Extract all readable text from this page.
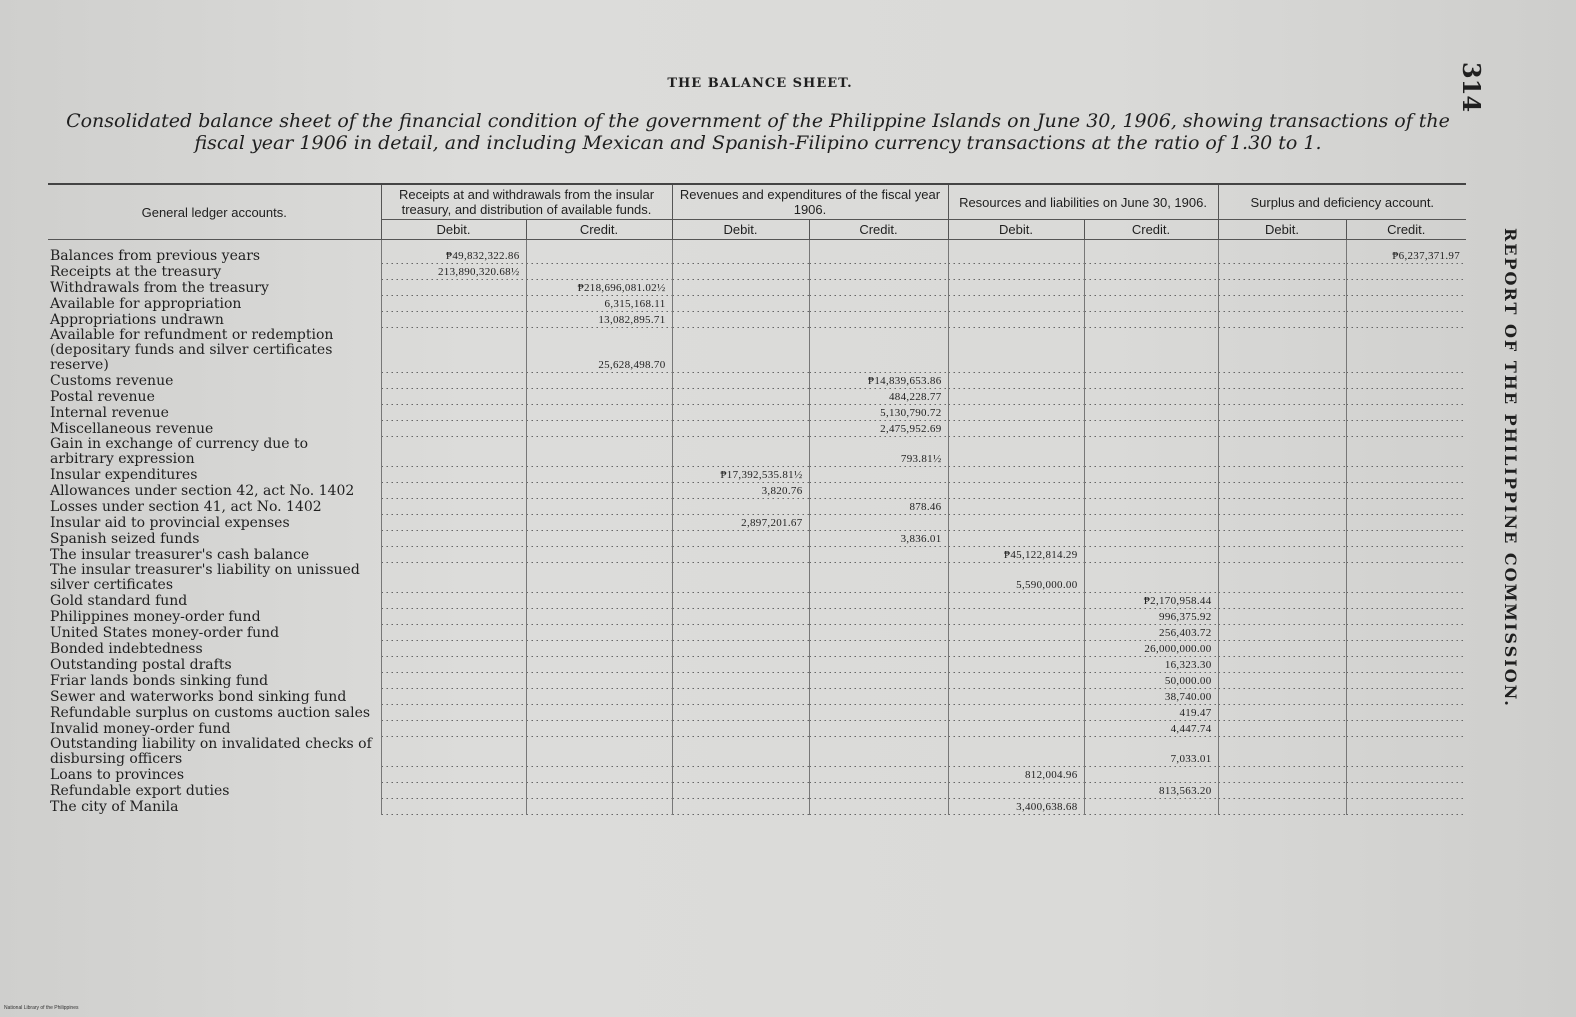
THE BALANCE SHEET.
Consolidated balance sheet of the financial condition of the government of the Philippine Islands on June 30, 1906, showing transactions of the fiscal year 1906 in detail, and including Mexican and Spanish-Filipino currency transactions at the ratio of 1.30 to 1.
314
REPORT OF THE PHILIPPINE COMMISSION.
General ledger accounts.	Receipts at and withdrawals from the insular treasury, and distribution of available funds.		Revenues and expenditures of the fiscal year 1906.		Resources and liabilities on June 30, 1906.		Surplus and deficiency account.	
	Debit.	Credit.	Debit.	Credit.	Debit.	Credit.	Debit.	Credit.

Balances from previous years	₱49,832,322.86							₱6,237,371.97
Receipts at the treasury	213,890,320.68½							
Withdrawals from the treasury		₱218,696,081.02½						
Available for appropriation		6,315,168.11						
Appropriations undrawn		13,082,895.71						
Available for refundment or redemption (depositary funds and silver certificates reserve)		25,628,498.70						
Customs revenue				₱14,839,653.86				
Postal revenue				484,228.77				
Internal revenue				5,130,790.72				
Miscellaneous revenue				2,475,952.69				
Gain in exchange of currency due to arbitrary expression				793.81½				
Insular expenditures			₱17,392,535.81½					
Allowances under section 42, act No. 1402			3,820.76					
Losses under section 41, act No. 1402				878.46				
Insular aid to provincial expenses			2,897,201.67					
Spanish seized funds				3,836.01				
The insular treasurer's cash balance					₱45,122,814.29			
The insular treasurer's liability on unissued silver certificates					5,590,000.00			
Gold standard fund						₱2,170,958.44		
Philippines money-order fund						996,375.92		
United States money-order fund						256,403.72		
Bonded indebtedness						26,000,000.00		
Outstanding postal drafts						16,323.30		
Friar lands bonds sinking fund						50,000.00		
Sewer and waterworks bond sinking fund						38,740.00		
Refundable surplus on customs auction sales						419.47		
Invalid money-order fund						4,447.74		
Outstanding liability on invalidated checks of disbursing officers						7,033.01		
Loans to provinces					812,004.96			
Refundable export duties						813,563.20		
The city of Manila					3,400,638.68			
National Library of the Philippines
